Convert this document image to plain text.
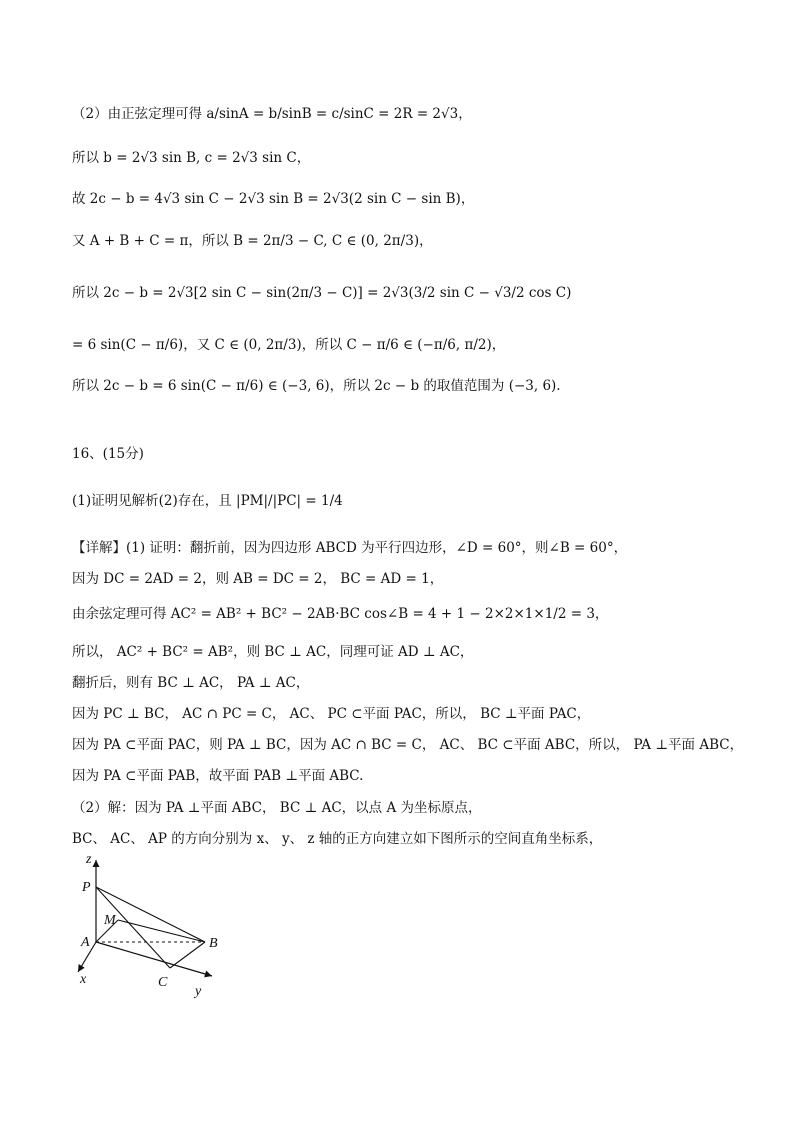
（2）由正弦定理可得 a/sinA = b/sinB = c/sinC = 2R = 2√3，
所以 b = 2√3 sin B, c = 2√3 sin C，
故 2c − b = 4√3 sin C − 2√3 sin B = 2√3(2 sin C − sin B)，
又 A + B + C = π，所以 B = 2π/3 − C, C ∈ (0, 2π/3)，
所以 2c − b = 2√3[2 sin C − sin(2π/3 − C)] = 2√3(3/2 sin C − √3/2 cos C)
= 6 sin(C − π/6)，又 C ∈ (0, 2π/3)，所以 C − π/6 ∈ (−π/6, π/2)，
所以 2c − b = 6 sin(C − π/6) ∈ (−3, 6)，所以 2c − b 的取值范围为 (−3, 6).
16、(15分)
(1)证明见解析(2)存在，且 |PM|/|PC| = 1/4
【详解】(1) 证明：翻折前，因为四边形 ABCD 为平行四边形，∠D = 60°，则∠B = 60°，
因为 DC = 2AD = 2，则 AB = DC = 2， BC = AD = 1，
由余弦定理可得 AC² = AB² + BC² − 2AB·BC cos∠B = 4 + 1 − 2×2×1×1/2 = 3，
所以， AC² + BC² = AB²，则 BC ⊥ AC，同理可证 AD ⊥ AC，
翻折后，则有 BC ⊥ AC， PA ⊥ AC，
因为 PC ⊥ BC， AC ∩ PC = C， AC、 PC ⊂平面 PAC，所以， BC ⊥平面 PAC，
因为 PA ⊂平面 PAC，则 PA ⊥ BC，因为 AC ∩ BC = C， AC、 BC ⊂平面 ABC，所以， PA ⊥平面 ABC，
因为 PA ⊂平面 PAB，故平面 PAB ⊥平面 ABC.
（2）解：因为 PA ⊥平面 ABC， BC ⊥ AC，以点 A 为坐标原点，
BC、 AC、 AP 的方向分别为 x、 y、 z 轴的正方向建立如下图所示的空间直角坐标系，
z
P
M
A	B
x	C
y
